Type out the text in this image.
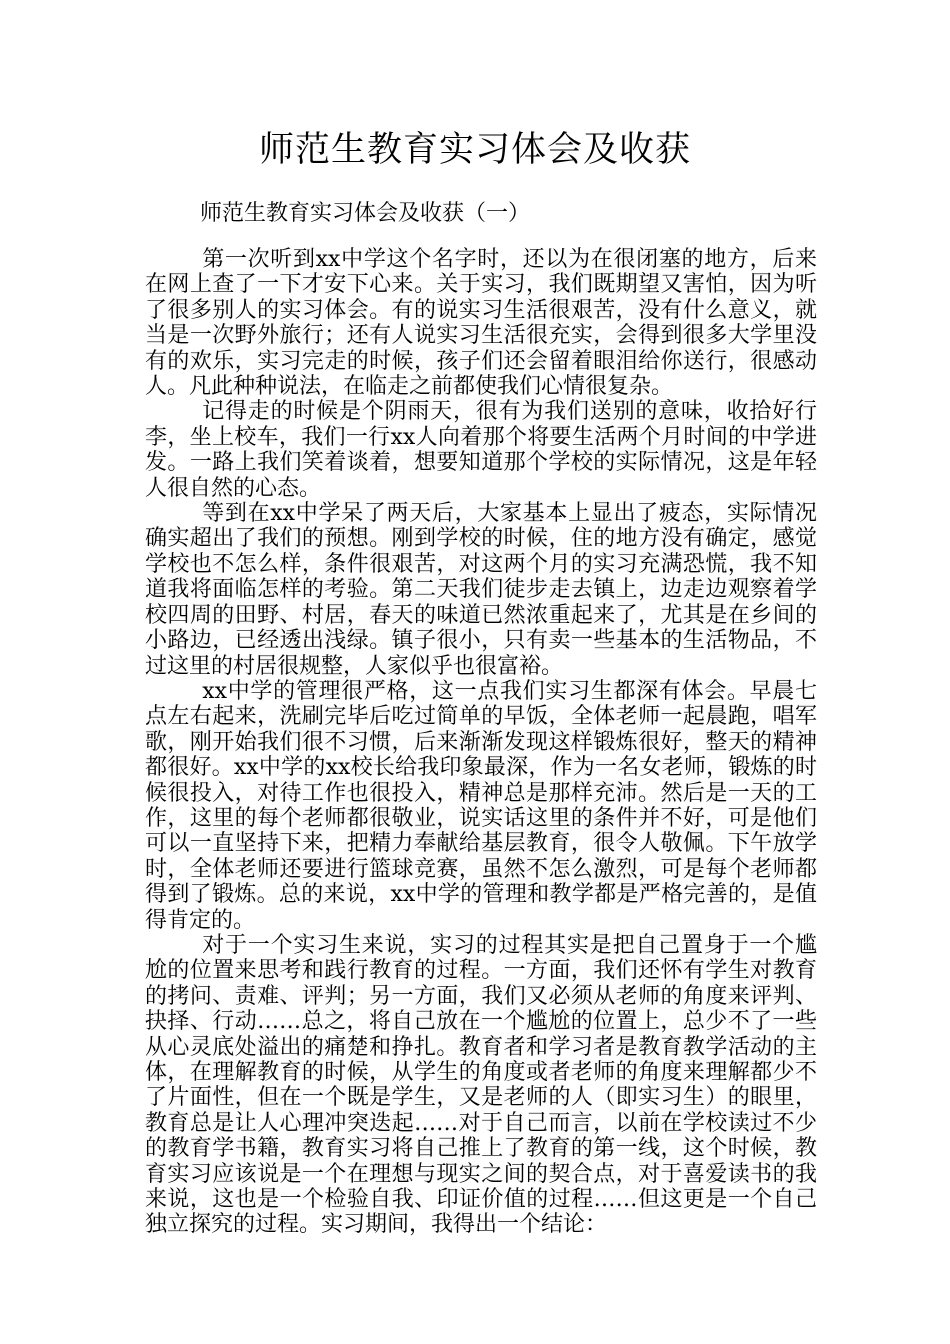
师范生教育实习体会及收获

师范生教育实习体会及收获（一）

第一次听到xx中学这个名字时，还以为在很闭塞的地方，后来在网上查了一下才安下心来。关于实习，我们既期望又害怕，因为听了很多别人的实习体会。有的说实习生活很艰苦，没有什么意义，就当是一次野外旅行；还有人说实习生活很充实，会得到很多大学里没有的欢乐，实习完走的时候，孩子们还会留着眼泪给你送行，很感动人。凡此种种说法，在临走之前都使我们心情很复杂。

记得走的时候是个阴雨天，很有为我们送别的意味，收拾好行李，坐上校车，我们一行xx人向着那个将要生活两个月时间的中学进发。一路上我们笑着谈着，想要知道那个学校的实际情况，这是年轻人很自然的心态。

等到在xx中学呆了两天后，大家基本上显出了疲态，实际情况确实超出了我们的预想。刚到学校的时候，住的地方没有确定，感觉学校也不怎么样，条件很艰苦，对这两个月的实习充满恐慌，我不知道我将面临怎样的考验。第二天我们徒步走去镇上，边走边观察着学校四周的田野、村居，春天的味道已然浓重起来了，尤其是在乡间的小路边，已经透出浅绿。镇子很小，只有卖一些基本的生活物品，不过这里的村居很规整，人家似乎也很富裕。

xx中学的管理很严格，这一点我们实习生都深有体会。早晨七点左右起来，洗刷完毕后吃过简单的早饭，全体老师一起晨跑，唱军歌，刚开始我们很不习惯，后来渐渐发现这样锻炼很好，整天的精神都很好。xx中学的xx校长给我印象最深，作为一名女老师，锻炼的时候很投入，对待工作也很投入，精神总是那样充沛。然后是一天的工作，这里的每个老师都很敬业，说实话这里的条件并不好，可是他们可以一直坚持下来，把精力奉献给基层教育，很令人敬佩。下午放学时，全体老师还要进行篮球竞赛，虽然不怎么激烈，可是每个老师都得到了锻炼。总的来说，xx中学的管理和教学都是严格完善的，是值得肯定的。

对于一个实习生来说，实习的过程其实是把自己置身于一个尴尬的位置来思考和践行教育的过程。一方面，我们还怀有学生对教育的拷问、责难、评判；另一方面，我们又必须从老师的角度来评判、抉择、行动……总之，将自己放在一个尴尬的位置上，总少不了一些从心灵底处溢出的痛楚和挣扎。教育者和学习者是教育教学活动的主体，在理解教育的时候，从学生的角度或者老师的角度来理解都少不了片面性，但在一个既是学生，又是老师的人（即实习生）的眼里，教育总是让人心理冲突迭起……对于自己而言，以前在学校读过不少的教育学书籍，教育实习将自己推上了教育的第一线，这个时候，教育实习应该说是一个在理想与现实之间的契合点，对于喜爱读书的我来说，这也是一个检验自我、印证价值的过程……但这更是一个自己独立探究的过程。实习期间，我得出一个结论：
